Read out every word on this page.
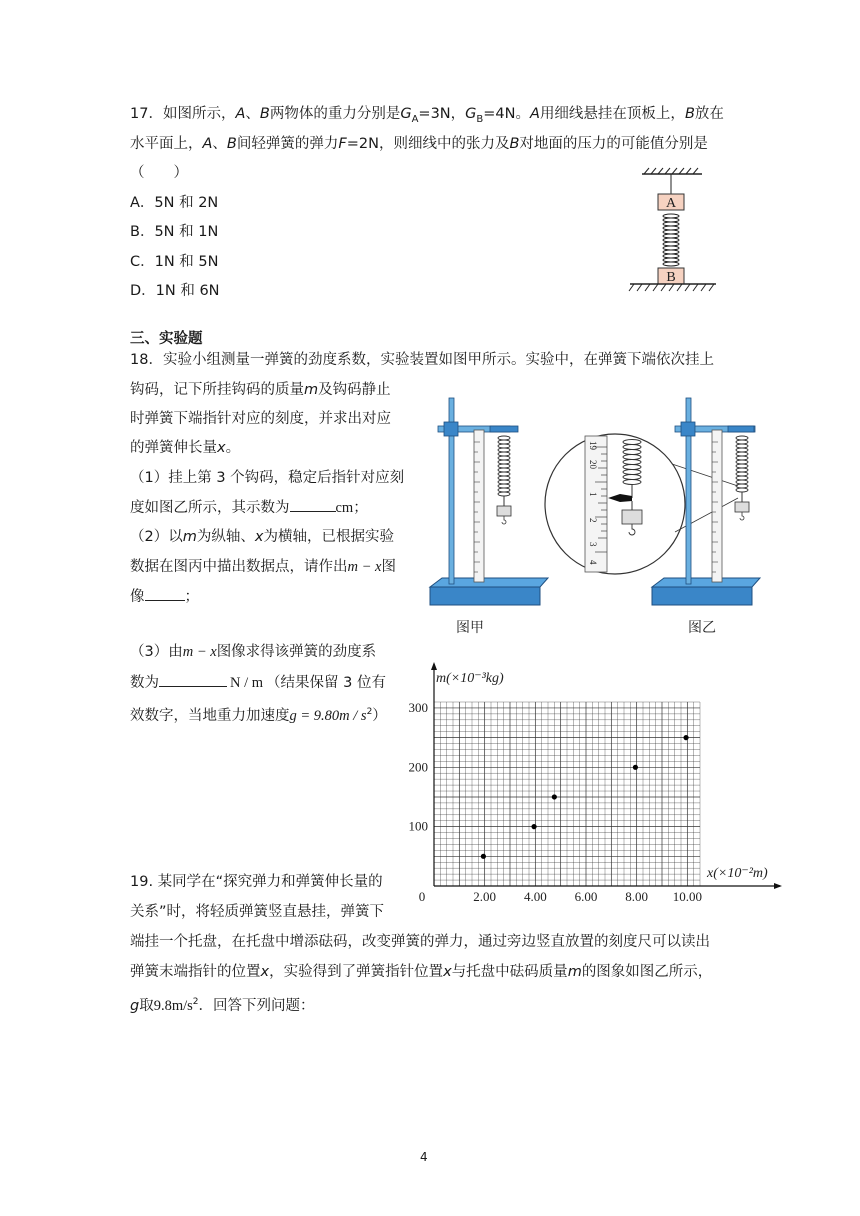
17．如图所示，A、B两物体的重力分别是$G_A=3N$，$G_B=4N$。A用细线悬挂在顶板上，B放在
水平面上，A、B间轻弹簧的弹力F=2N，则细线中的张力及B对地面的压力的可能值分别是
（　　）
A．5N 和 2N
B．5N 和 1N
C．1N 和 5N
D．1N 和 6N
A
B
三、实验题
18．实验小组测量一弹簧的劲度系数，实验装置如图甲所示。实验中，在弹簧下端依次挂上
钩码，记下所挂钩码的质量m及钩码静止
时弹簧下端指针对应的刻度，并求出对应
的弹簧伸长量x。
（1）挂上第 3 个钩码，稳定后指针对应刻
度如图乙所示，其示数为	cm；
（2）以m为纵轴、x为横轴，已根据实验
数据在图丙中描出数据点，请作出m − x图
像	；
（3）由m − x图像求得该弹簧的劲度系
数为	N / m （结果保留 3 位有
效数字，当地重力加速度$g = 9.80m / s^2$）
图甲
19
20
1
2
3
4
图乙
2.00 4.00 6.00 8.00 10.00
100
200
300
m(×10⁻³kg)
x(×10⁻²m)
0
19. 某同学在“探究弹力和弹簧伸长量的
关系”时，将轻质弹簧竖直悬挂，弹簧下
端挂一个托盘，在托盘中增添砝码，改变弹簧的弹力，通过旁边竖直放置的刻度尺可以读出
弹簧末端指针的位置x，实验得到了弹簧指针位置x与托盘中砝码质量m的图象如图乙所示，
g取$9.8m/s^2$．回答下列问题：
4
